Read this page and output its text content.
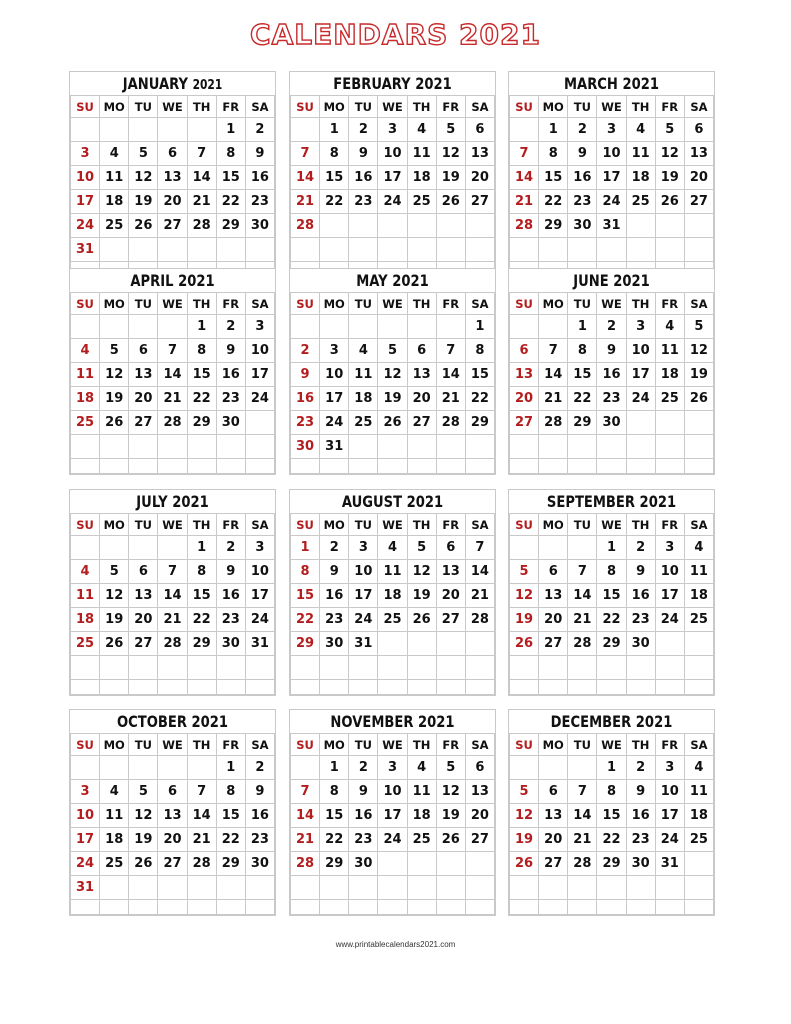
CALENDARS 2021
JANUARY 2021
SU	MO	TU	WE	TH	FR	SA
					1	2
3	4	5	6	7	8	9
10	11	12	13	14	15	16
17	18	19	20	21	22	23
24	25	26	27	28	29	30
31						

FEBRUARY 2021
SU	MO	TU	WE	TH	FR	SA
	1	2	3	4	5	6
7	8	9	10	11	12	13
14	15	16	17	18	19	20
21	22	23	24	25	26	27
28						

MARCH 2021
SU	MO	TU	WE	TH	FR	SA
	1	2	3	4	5	6
7	8	9	10	11	12	13
14	15	16	17	18	19	20
21	22	23	24	25	26	27
28	29	30	31			

APRIL 2021
SU	MO	TU	WE	TH	FR	SA
				1	2	3
4	5	6	7	8	9	10
11	12	13	14	15	16	17
18	19	20	21	22	23	24
25	26	27	28	29	30	

MAY 2021
SU	MO	TU	WE	TH	FR	SA
						1
2	3	4	5	6	7	8
9	10	11	12	13	14	15
16	17	18	19	20	21	22
23	24	25	26	27	28	29
30	31					

JUNE 2021
SU	MO	TU	WE	TH	FR	SA
		1	2	3	4	5
6	7	8	9	10	11	12
13	14	15	16	17	18	19
20	21	22	23	24	25	26
27	28	29	30			

JULY 2021
SU	MO	TU	WE	TH	FR	SA
				1	2	3
4	5	6	7	8	9	10
11	12	13	14	15	16	17
18	19	20	21	22	23	24
25	26	27	28	29	30	31

AUGUST 2021
SU	MO	TU	WE	TH	FR	SA
1	2	3	4	5	6	7
8	9	10	11	12	13	14
15	16	17	18	19	20	21
22	23	24	25	26	27	28
29	30	31				

SEPTEMBER 2021
SU	MO	TU	WE	TH	FR	SA
			1	2	3	4
5	6	7	8	9	10	11
12	13	14	15	16	17	18
19	20	21	22	23	24	25
26	27	28	29	30		

OCTOBER 2021
SU	MO	TU	WE	TH	FR	SA
					1	2
3	4	5	6	7	8	9
10	11	12	13	14	15	16
17	18	19	20	21	22	23
24	25	26	27	28	29	30
31						

NOVEMBER 2021
SU	MO	TU	WE	TH	FR	SA
	1	2	3	4	5	6
7	8	9	10	11	12	13
14	15	16	17	18	19	20
21	22	23	24	25	26	27
28	29	30				

DECEMBER 2021
SU	MO	TU	WE	TH	FR	SA
			1	2	3	4
5	6	7	8	9	10	11
12	13	14	15	16	17	18
19	20	21	22	23	24	25
26	27	28	29	30	31	

www.printablecalendars2021.com
